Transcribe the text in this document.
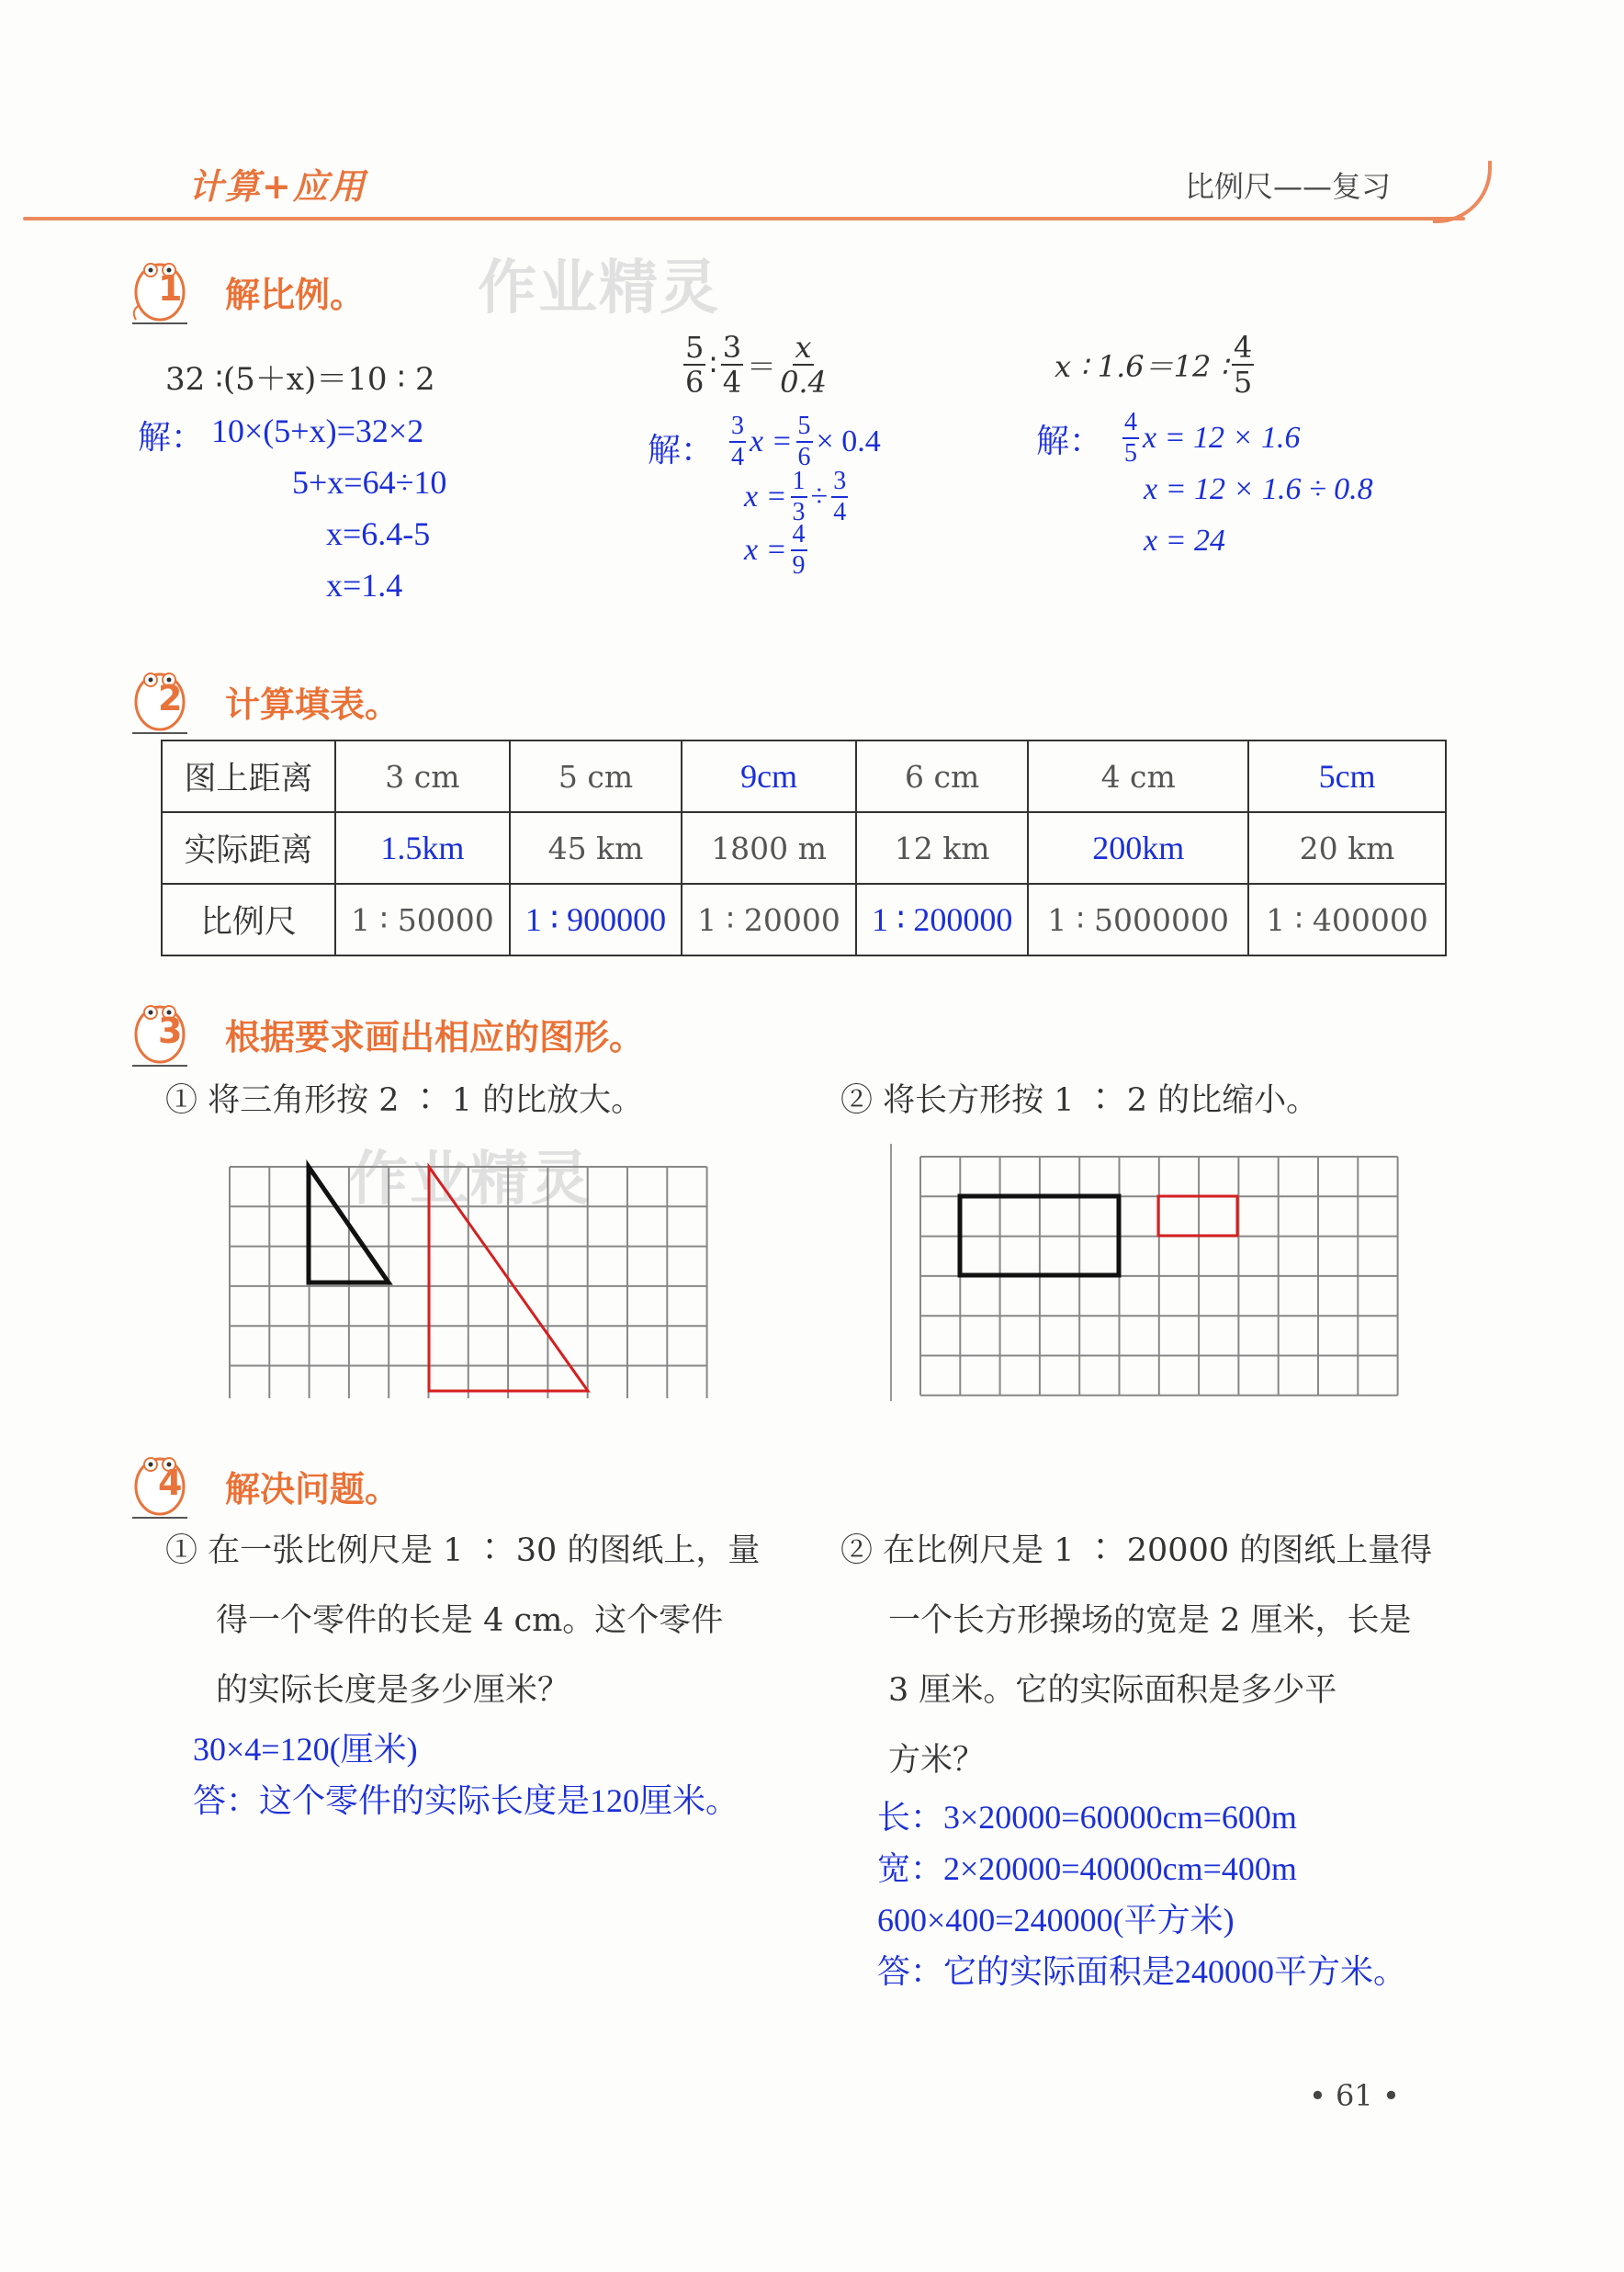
计算+应用	比例尺——复习
作业精灵
作业精灵
1 解比例。
32 ∶(5＋x)＝10 ∶ 2
解： 10×(5+x)=32×2
5+x=64÷10
x=6.4-5
x=1.4
$\frac{5}{6}$ ∶ $\frac{3}{4} = \frac{x}{0.4}$
解： $\frac{3}{4}$ $x = \frac{5}{6} \times 0.4$
$x = \frac{1}{3} \div \frac{3}{4}$
$x = \frac{4}{9}$
x ∶ 1.6＝12 ∶ $\frac{4}{5}$
解： $\frac{4}{5}$ x = 12 × 1.6
x = 12 × 1.6 ÷ 0.8
x = 24
2 计算填表。
图上距离	3 cm	5 cm	9cm	6 cm	4 cm	5cm
实际距离	1.5km	45 km	1800 m	12 km	200km	20 km
比例尺	1 ∶ 50000	1 ∶ 900000	1 ∶ 20000	1 ∶ 200000	1 ∶ 5000000	1 ∶ 400000
3 根据要求画出相应的图形。
① 将三角形按 2 ∶ 1 的比放大。	② 将长方形按 1 ∶ 2 的比缩小。
4 解决问题。
① 在一张比例尺是 1 ∶ 30 的图纸上，量
得一个零件的长是 4 cm。这个零件
的实际长度是多少厘米？
30×4=120(厘米)
答：这个零件的实际长度是120厘米。
② 在比例尺是 1 ∶ 20000 的图纸上量得
一个长方形操场的宽是 2 厘米，长是
3 厘米。它的实际面积是多少平
方米？
长：3×20000=60000cm=600m
宽：2×20000=40000cm=400m
600×400=240000(平方米)
答：它的实际面积是240000平方米。
• 61 •
